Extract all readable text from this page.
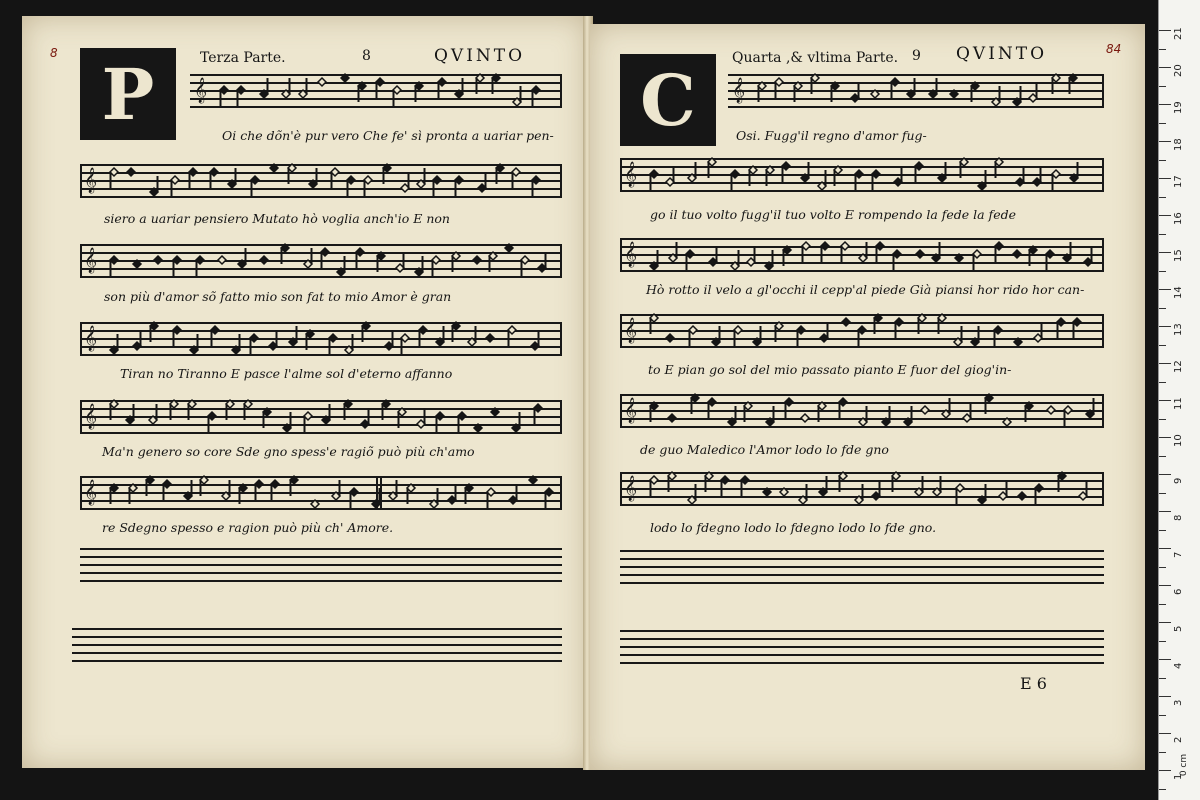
8 P	Terza Parte.	8	QVINTO
𝄞
Oi che dõn'è pur vero Che fe' sì pronta a uariar pen-
𝄞
siero a uariar pensiero Mutato hò voglia anch'io E non
𝄞
son più d'amor sõ fatto mio son fat to mio Amor è gran
𝄞
Tiran no Tiranno E pasce l'alme sol d'eterno affanno
𝄞
Ma'n genero so core Sde gno spess'e ragiõ può più ch'amo
𝄞
re Sdegno spesso e ragion può più ch' Amore.
C
Quarta ,& vltima Parte. 9 QVINTO	84
𝄞
Osi. Fugg'il regno d'amor fug-
𝄞
go il tuo volto fugg'il tuo volto E rompendo la fede la fede
𝄞
Hò rotto il velo a gl'occhi il cepp'al piede Già piansi hor rido hor can-
𝄞
to E pian go sol del mio passato pianto E fuor del giog'in-
𝄞
de guo Maledico l'Amor lodo lo fde gno
𝄞
lodo lo fdegno lodo lo fdegno lodo lo fde gno.
E 6
0 cm
21
20
19
18
17
16
15
14
13
12
11
10
9
8
7
6
5
4
3
2
1
